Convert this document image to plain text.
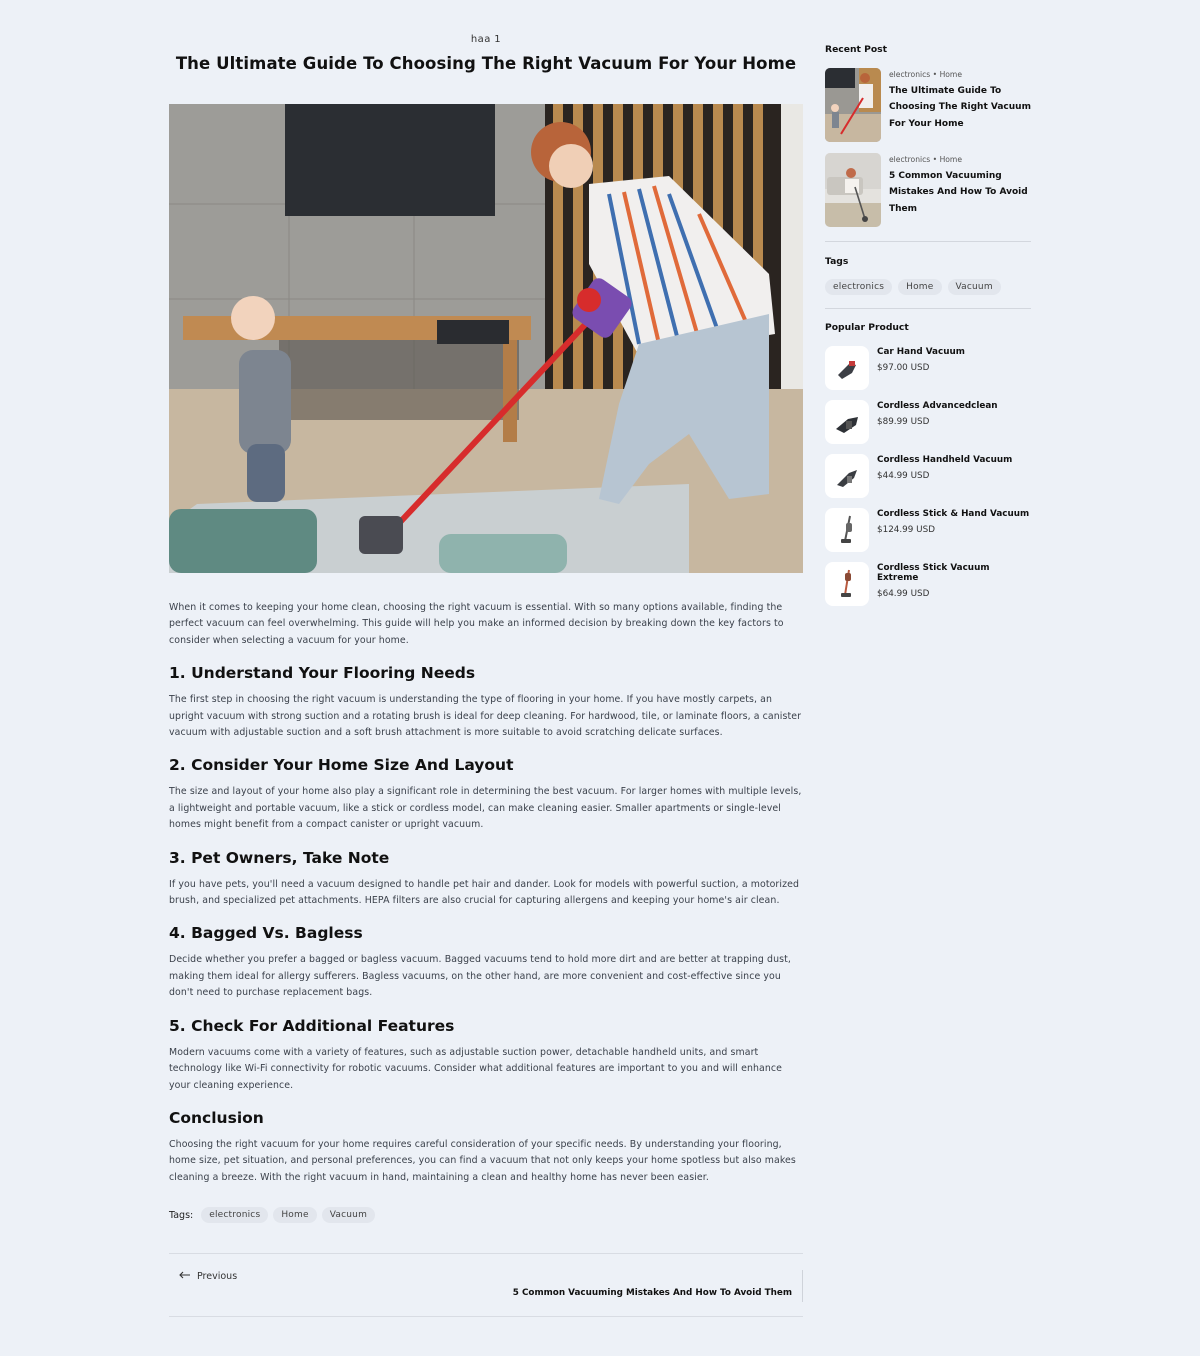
haa 1
The Ultimate Guide To Choosing The Right Vacuum For Your Home

When it comes to keeping your home clean, choosing the right vacuum is essential. With so many options available, finding the perfect vacuum can feel overwhelming. This guide will help you make an informed decision by breaking down the key factors to consider when selecting a vacuum for your home.

1. Understand Your Flooring Needs

The first step in choosing the right vacuum is understanding the type of flooring in your home. If you have mostly carpets, an upright vacuum with strong suction and a rotating brush is ideal for deep cleaning. For hardwood, tile, or laminate floors, a canister vacuum with adjustable suction and a soft brush attachment is more suitable to avoid scratching delicate surfaces.

2. Consider Your Home Size And Layout

The size and layout of your home also play a significant role in determining the best vacuum. For larger homes with multiple levels, a lightweight and portable vacuum, like a stick or cordless model, can make cleaning easier. Smaller apartments or single-level homes might benefit from a compact canister or upright vacuum.

3. Pet Owners, Take Note

If you have pets, you'll need a vacuum designed to handle pet hair and dander. Look for models with powerful suction, a motorized brush, and specialized pet attachments. HEPA filters are also crucial for capturing allergens and keeping your home's air clean.

4. Bagged Vs. Bagless

Decide whether you prefer a bagged or bagless vacuum. Bagged vacuums tend to hold more dirt and are better at trapping dust, making them ideal for allergy sufferers. Bagless vacuums, on the other hand, are more convenient and cost-effective since you don't need to purchase replacement bags.

5. Check For Additional Features

Modern vacuums come with a variety of features, such as adjustable suction power, detachable handheld units, and smart technology like Wi-Fi connectivity for robotic vacuums. Consider what additional features are important to you and will enhance your cleaning experience.

Conclusion

Choosing the right vacuum for your home requires careful consideration of your specific needs. By understanding your flooring, home size, pet situation, and personal preferences, you can find a vacuum that not only keeps your home spotless but also makes cleaning a breeze. With the right vacuum in hand, maintaining a clean and healthy home has never been easier.

Tags:	electronics	Home	Vacuum
Previous
5 Common Vacuuming Mistakes And How To Avoid Them
Recent Post
electronics • Home
The Ultimate Guide To Choosing The Right Vacuum For Your Home
electronics • Home
5 Common Vacuuming Mistakes And How To Avoid Them
Tags
electronics	Home	Vacuum
Popular Product
Car Hand Vacuum
$97.00 USD
Cordless Advancedclean
$89.99 USD
Cordless Handheld Vacuum
$44.99 USD
Cordless Stick & Hand Vacuum
$124.99 USD
Cordless Stick Vacuum Extreme
$64.99 USD
